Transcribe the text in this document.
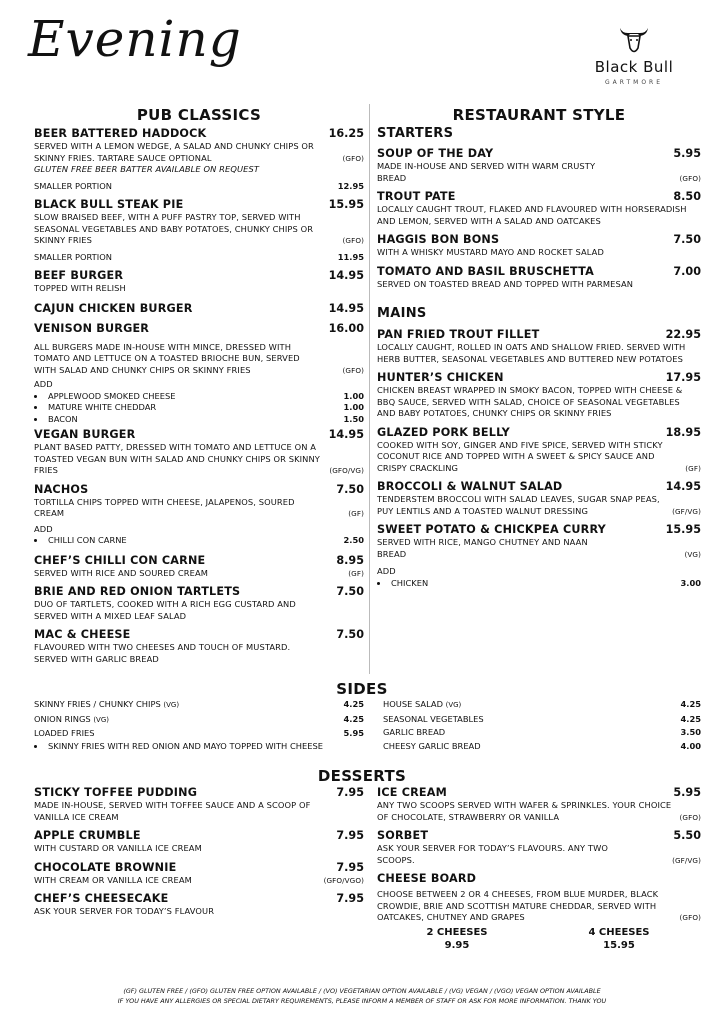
Evening	Black Bull
GARTMORE
PUB CLASSICS
BEER BATTERED HADDOCK	16.25
SERVED WITH A LEMON WEDGE, A SALAD AND CHUNKY CHIPS OR SKINNY FRIES. TARTARE SAUCE OPTIONAL	(GFO)
GLUTEN FREE BEER BATTER AVAILABLE ON REQUEST
SMALLER PORTION	12.95
BLACK BULL STEAK PIE	15.95
SLOW BRAISED BEEF, WITH A PUFF PASTRY TOP, SERVED WITH SEASONAL VEGETABLES AND BABY POTATOES, CHUNKY CHIPS OR SKINNY FRIES	(GFO)
SMALLER PORTION	11.95
BEEF BURGER	14.95
TOPPED WITH RELISH
CAJUN CHICKEN BURGER	14.95
VENISON BURGER	16.00
ALL BURGERS MADE IN-HOUSE WITH MINCE, DRESSED WITH TOMATO AND LETTUCE ON A TOASTED BRIOCHE BUN, SERVED WITH SALAD AND CHUNKY CHIPS OR SKINNY FRIES	(GFO)
ADD
• APPLEWOOD SMOKED CHEESE	1.00
• MATURE WHITE CHEDDAR	1.00
• BACON	1.50
VEGAN BURGER	14.95
PLANT BASED PATTY, DRESSED WITH TOMATO AND LETTUCE ON A TOASTED VEGAN BUN WITH SALAD AND CHUNKY CHIPS OR SKINNY FRIES	(GFO/VG)
NACHOS	7.50
TORTILLA CHIPS TOPPED WITH CHEESE, JALAPENOS, SOURED CREAM	(GF)
ADD
• CHILLI CON CARNE	2.50
CHEF’S CHILLI CON CARNE	8.95
SERVED WITH RICE AND SOURED CREAM	(GF)
BRIE AND RED ONION TARTLETS	7.50
DUO OF TARTLETS, COOKED WITH A RICH EGG CUSTARD AND SERVED WITH A MIXED LEAF SALAD
MAC & CHEESE	7.50
FLAVOURED WITH TWO CHEESES AND TOUCH OF MUSTARD. SERVED WITH GARLIC BREAD
RESTAURANT STYLE
STARTERS
SOUP OF THE DAY	5.95
MADE IN-HOUSE AND SERVED WITH WARM CRUSTY BREAD	(GFO)
TROUT PATE	8.50
LOCALLY CAUGHT TROUT, FLAKED AND FLAVOURED WITH HORSERADISH AND LEMON, SERVED WITH A SALAD AND OATCAKES
HAGGIS BON BONS	7.50
WITH A WHISKY MUSTARD MAYO AND ROCKET SALAD
TOMATO AND BASIL BRUSCHETTA	7.00
SERVED ON TOASTED BREAD AND TOPPED WITH PARMESAN
MAINS
PAN FRIED TROUT FILLET	22.95
LOCALLY CAUGHT, ROLLED IN OATS AND SHALLOW FRIED. SERVED WITH HERB BUTTER, SEASONAL VEGETABLES AND BUTTERED NEW POTATOES
HUNTER’S CHICKEN	17.95
CHICKEN BREAST WRAPPED IN SMOKY BACON, TOPPED WITH CHEESE & BBQ SAUCE, SERVED WITH SALAD, CHOICE OF SEASONAL VEGETABLES AND BABY POTATOES, CHUNKY CHIPS OR SKINNY FRIES
GLAZED PORK BELLY	18.95
COOKED WITH SOY, GINGER AND FIVE SPICE, SERVED WITH STICKY COCONUT RICE AND TOPPED WITH A SWEET & SPICY SAUCE AND CRISPY CRACKLING	(GF)
BROCCOLI & WALNUT SALAD	14.95
TENDERSTEM BROCCOLI WITH SALAD LEAVES, SUGAR SNAP PEAS, PUY LENTILS AND A TOASTED WALNUT DRESSING	(GF/VG)
SWEET POTATO & CHICKPEA CURRY	15.95
SERVED WITH RICE, MANGO CHUTNEY AND NAAN BREAD	(VG)
ADD
• CHICKEN	3.00
SIDES
SKINNY FRIES / CHUNKY CHIPS (VG)	4.25
ONION RINGS (VG)	4.25
LOADED FRIES	5.95
• SKINNY FRIES WITH RED ONION AND MAYO TOPPED WITH CHEESE
HOUSE SALAD (VG)	4.25
SEASONAL VEGETABLES	4.25
GARLIC BREAD	3.50
CHEESY GARLIC BREAD	4.00
DESSERTS
STICKY TOFFEE PUDDING	7.95
MADE IN-HOUSE, SERVED WITH TOFFEE SAUCE AND A SCOOP OF VANILLA ICE CREAM
APPLE CRUMBLE	7.95
WITH CUSTARD OR VANILLA ICE CREAM
CHOCOLATE BROWNIE	7.95
WITH CREAM OR VANILLA ICE CREAM	(GFO/VGO)
CHEF’S CHEESECAKE	7.95
ASK YOUR SERVER FOR TODAY’S FLAVOUR
ICE CREAM	5.95
ANY TWO SCOOPS SERVED WITH WAFER & SPRINKLES. YOUR CHOICE OF CHOCOLATE, STRAWBERRY OR VANILLA	(GFO)
SORBET	5.50
ASK YOUR SERVER FOR TODAY’S FLAVOURS. ANY TWO SCOOPS.	(GF/VG)
CHEESE BOARD
CHOOSE BETWEEN 2 OR 4 CHEESES, FROM BLUE MURDER, BLACK CROWDIE, BRIE AND SCOTTISH MATURE CHEDDAR, SERVED WITH OATCAKES, CHUTNEY AND GRAPES	(GFO)
2 CHEESES
9.95
4 CHEESES
15.95
(GF) GLUTEN FREE / (GFO) GLUTEN FREE OPTION AVAILABLE / (VO) VEGETARIAN OPTION AVAILABLE / (VG) VEGAN / (VGO) VEGAN OPTION AVAILABLE
IF YOU HAVE ANY ALLERGIES OR SPECIAL DIETARY REQUIREMENTS, PLEASE INFORM A MEMBER OF STAFF OR ASK FOR MORE INFORMATION. THANK YOU
